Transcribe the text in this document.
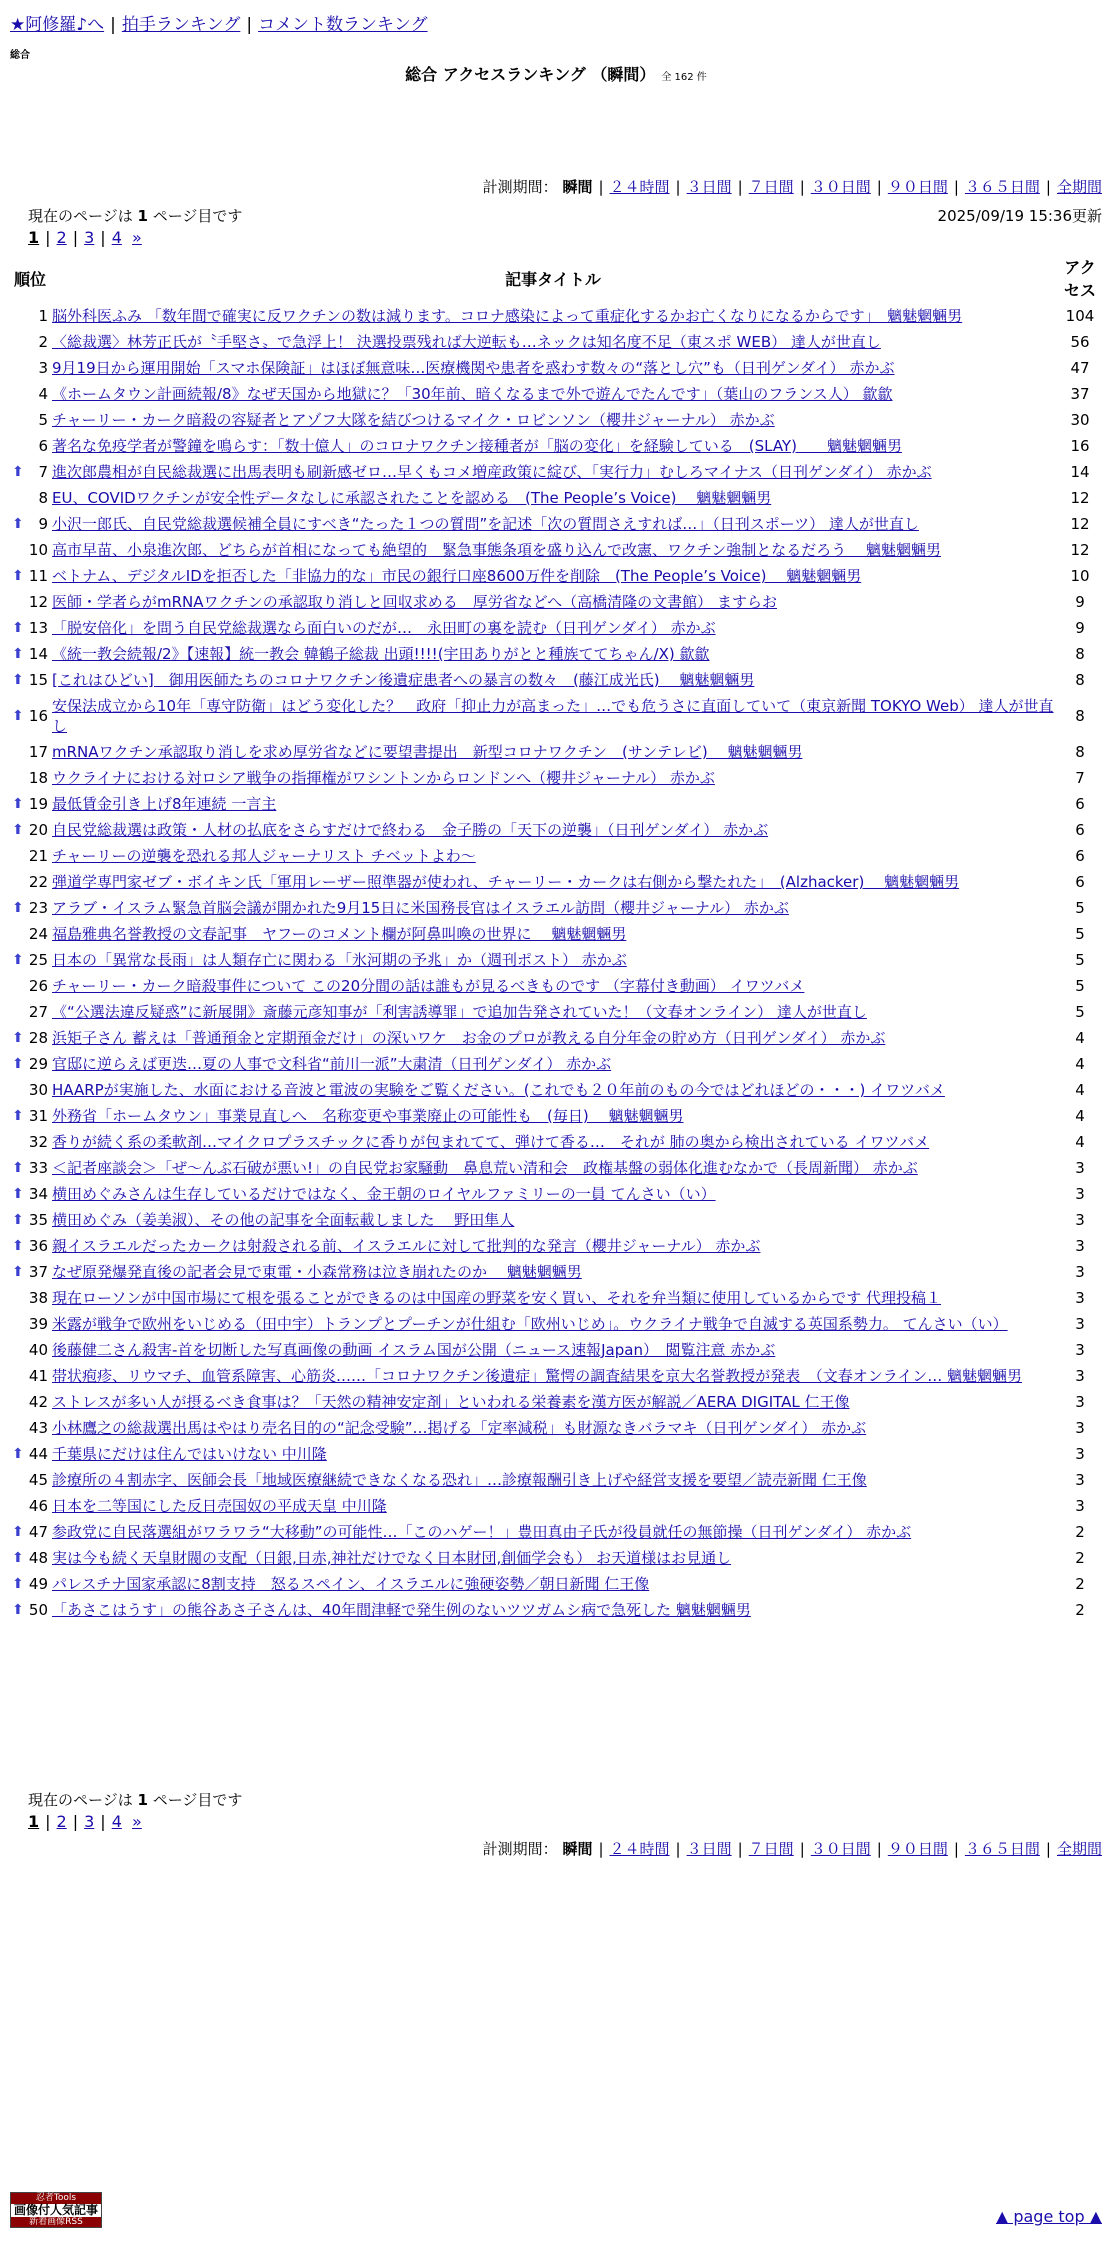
★阿修羅♪へ | 拍手ランキング | コメント数ランキング
総合
総合 アクセスランキング （瞬間） 全 162 件
計測期間： 瞬間 | ２４時間 | ３日間 | ７日間 | ３０日間 | ９０日間 | ３６５日間 | 全期間
現在のページは 1 ページ目です	2025/09/19 15:36更新
1 | 2 | 3 | 4 »
順位	記事タイトル	アクセス
1	脳外科医ふみ 「数年間で確実に反ワクチンの数は減ります。コロナ感染によって重症化するかお亡くなりになるからです」　魑魅魍魎男	104
2	〈総裁選〉林芳正氏が〝手堅さ〟で急浮上！ 決選投票残れば大逆転も…ネックは知名度不足（東スポ WEB） 達人が世直し	56
3	9月19日から運用開始「スマホ保険証」はほぼ無意味…医療機関や患者を惑わす数々の“落とし穴”も（日刊ゲンダイ） 赤かぶ	47
4	《ホームタウン計画続報/8》なぜ天国から地獄に？「30年前、暗くなるまで外で遊んでたんです」（葉山のフランス人） 歙歙	37
5	チャーリー・カーク暗殺の容疑者とアゾフ大隊を結びつけるマイク・ロビンソン（櫻井ジャーナル） 赤かぶ	30
6	著名な免疫学者が警鐘を鳴らす：「数十億人」のコロナワクチン接種者が「脳の変化」を経験している　(SLAY)　　魑魅魍魎男	16

⬆ 7	進次郎農相が自民総裁選に出馬表明も刷新感ゼロ…早くもコメ増産政策に綻び、「実行力」むしろマイナス（日刊ゲンダイ） 赤かぶ	14
8	EU、COVIDワクチンが安全性データなしに承認されたことを認める　(The People’s Voice)　 魑魅魍魎男	12

⬆ 9	小沢一郎氏、自民党総裁選候補全員にすべき“たった１つの質問”を記述「次の質問さえすれば…」（日刊スポーツ） 達人が世直し	12
10	高市早苗、小泉進次郎、どちらが首相になっても絶望的　緊急事態条項を盛り込んで改憲、ワクチン強制となるだろう　 魑魅魍魎男	12

⬆ 11	ベトナム、デジタルIDを拒否した「非協力的な」市民の銀行口座8600万件を削除　(The People’s Voice)　 魑魅魍魎男	10
12	医師・学者らがmRNAワクチンの承認取り消しと回収求める　厚労省などへ（高橋清隆の文書館） ますらお	9

⬆ 13	「脱安倍化」を問う自民党総裁選なら面白いのだが…　永田町の裏を読む（日刊ゲンダイ） 赤かぶ	9

⬆ 14	《統一教会続報/2》【速報】統一教会 韓鶴子総裁 出頭!!!!(宇田ありがとと種族ててちゃん/X) 歙歙	8

⬆ 15	[これはひどい]　御用医師たちのコロナワクチン後遺症患者への暴言の数々　(藤江成光氏)　 魑魅魍魎男	8

⬆ 16	安保法成立から10年「専守防衛」はどう変化した？　政府「抑止力が高まった」…でも危うさに直面していて（東京新聞 TOKYO Web） 達人が世直し	8
17	mRNAワクチン承認取り消しを求め厚労省などに要望書提出　新型コロナワクチン　(サンテレビ)　 魑魅魍魎男	8
18	ウクライナにおける対ロシア戦争の指揮権がワシントンからロンドンへ（櫻井ジャーナル） 赤かぶ	7

⬆ 19	最低賃金引き上げ8年連続 一言主	6

⬆ 20	自民党総裁選は政策・人材の払底をさらすだけで終わる　金子勝の「天下の逆襲」（日刊ゲンダイ） 赤かぶ	6
21	チャーリーの逆襲を恐れる邦人ジャーナリスト チベットよわ〜	6
22	弾道学専門家ゼブ・ボイキン氏「軍用レーザー照準器が使われ、チャーリー・カークは右側から撃たれた」　(Alzhacker)　 魑魅魍魎男	6

⬆ 23	アラブ・イスラム緊急首脳会議が開かれた9月15日に米国務長官はイスラエル訪問（櫻井ジャーナル） 赤かぶ	5
24	福島雅典名誉教授の文春記事　ヤフーのコメント欄が阿鼻叫喚の世界に　 魑魅魍魎男	5

⬆ 25	日本の「異常な長雨」は人類存亡に関わる「氷河期の予兆」か（週刊ポスト） 赤かぶ	5
26	チャーリー・カーク暗殺事件について この20分間の話は誰もが見るべきものです （字幕付き動画） イワツバメ	5
27	《“公選法違反疑惑”に新展開》斎藤元彦知事が「利害誘導罪」で追加告発されていた！（文春オンライン） 達人が世直し	5

⬆ 28	浜矩子さん 蓄えは「普通預金と定期預金だけ」の深いワケ　お金のプロが教える自分年金の貯め方（日刊ゲンダイ） 赤かぶ	4

⬆ 29	官邸に逆らえば更迭…夏の人事で文科省“前川一派”大粛清（日刊ゲンダイ） 赤かぶ	4
30	HAARPが実施した、水面における音波と電波の実験をご覧ください。(これでも２０年前のもの今ではどれほどの・・・) イワツバメ	4

⬆ 31	外務省「ホームタウン」事業見直しへ　名称変更や事業廃止の可能性も　(毎日)　 魑魅魍魎男	4
32	香りが続く系の柔軟剤…マイクロプラスチックに香りが包まれてて、弾けて香る…　それが 肺の奥から検出されている イワツバメ	4

⬆ 33	＜記者座談会＞「ぜ〜んぶ石破が悪い!」の自民党お家騒動　鼻息荒い清和会　政権基盤の弱体化進むなかで（長周新聞） 赤かぶ	3

⬆ 34	横田めぐみさんは生存しているだけではなく、金王朝のロイヤルファミリーの一員 てんさい（い）	3

⬆ 35	横田めぐみ（姜美淑）、その他の記事を全面転載しました　 野田隼人	3

⬆ 36	親イスラエルだったカークは射殺される前、イスラエルに対して批判的な発言（櫻井ジャーナル） 赤かぶ	3

⬆ 37	なぜ原発爆発直後の記者会見で東電・小森常務は泣き崩れたのか　 魑魅魍魎男	3
38	現在ローソンが中国市場にて根を張ることができるのは中国産の野菜を安く買い、それを弁当類に使用しているからです 代理投稿１	3
39	米露が戦争で欧州をいじめる（田中宇）トランプとプーチンが仕組む「欧州いじめ」。ウクライナ戦争で自滅する英国系勢力。 てんさい（い）	3
40	後藤健二さん殺害-首を切断した写真画像の動画 イスラム国が公開（ニュース速報Japan）　閲覧注意 赤かぶ	3
41	帯状疱疹、リウマチ、血管系障害、心筋炎……「コロナワクチン後遺症」驚愕の調査結果を京大名誉教授が発表　（文春オンライン… 魑魅魍魎男	3
42	ストレスが多い人が摂るべき食事は？「天然の精神安定剤」といわれる栄養素を漢方医が解説／AERA DIGITAL 仁王像	3
43	小林鷹之の総裁選出馬はやはり売名目的の“記念受験”…掲げる「定率減税」も財源なきバラマキ（日刊ゲンダイ） 赤かぶ	3

⬆ 44	千葉県にだけは住んではいけない 中川隆	3
45	診療所の４割赤字、医師会長「地域医療継続できなくなる恐れ」…診療報酬引き上げや経営支援を要望／読売新聞 仁王像	3
46	日本を二等国にした反日売国奴の平成天皇 中川隆	3

⬆ 47	参政党に自民落選組がワラワラ“大移動”の可能性…「このハゲー！」豊田真由子氏が役員就任の無節操（日刊ゲンダイ） 赤かぶ	2

⬆ 48	実は今も続く天皇財閥の支配（日銀,日赤,神社だけでなく日本財団,創価学会も） お天道様はお見通し	2

⬆ 49	パレスチナ国家承認に8割支持　怒るスペイン、イスラエルに強硬姿勢／朝日新聞 仁王像	2

⬆ 50	「あさこはうす」の熊谷あさ子さんは、40年間津軽で発生例のないツツガムシ病で急死した 魑魅魍魎男	2
現在のページは 1 ページ目です
1 | 2 | 3 | 4 »
計測期間： 瞬間 | ２４時間 | ３日間 | ７日間 | ３０日間 | ９０日間 | ３６５日間 | 全期間
忍者Tools
画像付人気記事
新着画像RSS	▲ page top ▲
